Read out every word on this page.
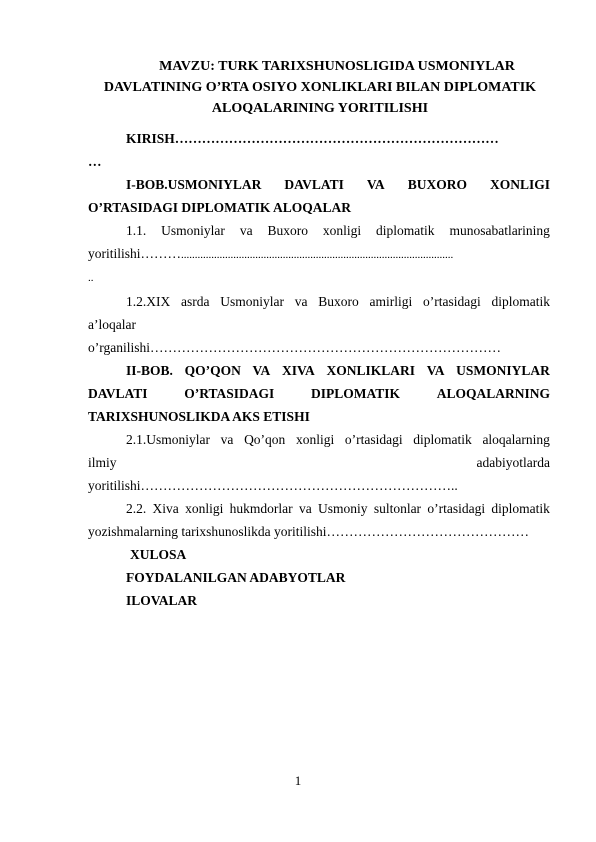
MAVZU: TURK TARIXSHUNOSLIGIDA USMONIYLAR
DAVLATINING O’RTA OSIYO XONLIKLARI BILAN DIPLOMATIK
ALOQALARINING YORITILISHI
KIRISH………………………………………………………………
…
I-BOB.USMONIYLAR DAVLATI VA BUXORO XONLIGI
O’RTASIDAGI DIPLOMATIK ALOQALAR
1.1. Usmoniylar va Buxoro xonligi diplomatik munosabatlarining
yoritilishi………...................................................................................................
..
1.2.XIX asrda Usmoniylar va Buxoro amirligi o’rtasidagi diplomatik
a’loqalar
o’rganilishi……………………………………………………………………
II-BOB. QO’QON VA XIVA XONLIKLARI VA USMONIYLAR
DAVLATI	O’RTASIDAGI	DIPLOMATIK	ALOQALARNING
TARIXSHUNOSLIKDA AKS ETISHI
2.1.Usmoniylar va Qo’qon xonligi o’rtasidagi diplomatik aloqalarning
ilmiy	adabiyotlarda
yoritilishi……………………………………………………………..
2.2. Xiva xonligi hukmdorlar va Usmoniy sultonlar o’rtasidagi diplomatik
yozishmalarning tarixshunoslikda yoritilishi………………………………………
XULOSA
FOYDALANILGAN ADABYOTLAR
ILOVALAR
1
